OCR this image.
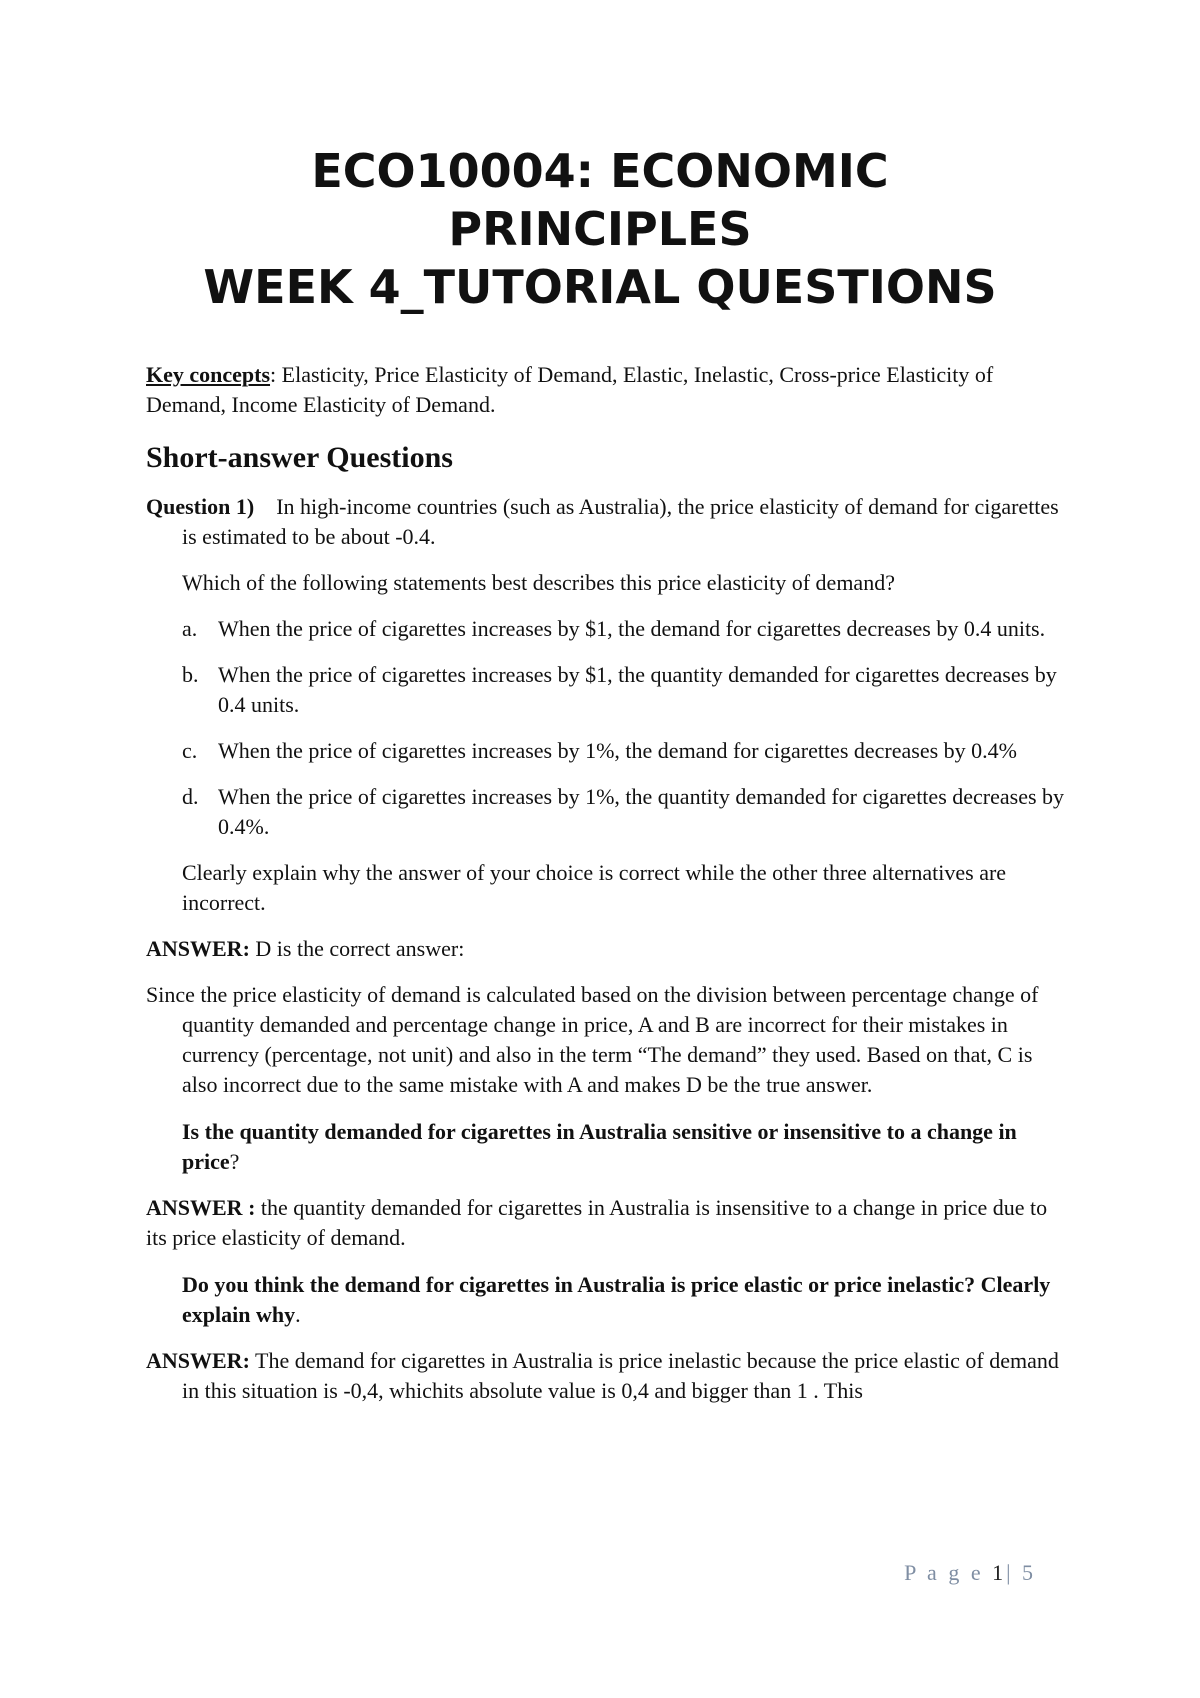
ECO10004: ECONOMIC
PRINCIPLES
WEEK 4_TUTORIAL QUESTIONS

Key concepts: Elasticity, Price Elasticity of Demand, Elastic, Inelastic, Cross-price Elasticity of Demand, Income Elasticity of Demand.

Short-answer Questions

Question 1) In high-income countries (such as Australia), the price elasticity of demand for cigarettes is estimated to be about -0.4.

Which of the following statements best describes this price elasticity of demand?

a. When the price of cigarettes increases by $1, the demand for cigarettes decreases by 0.4 units.
b. When the price of cigarettes increases by $1, the quantity demanded for cigarettes decreases by 0.4 units.
c. When the price of cigarettes increases by 1%, the demand for cigarettes decreases by 0.4%
d. When the price of cigarettes increases by 1%, the quantity demanded for cigarettes decreases by 0.4%.

Clearly explain why the answer of your choice is correct while the other three alternatives are incorrect.

ANSWER: D is the correct answer:

Since the price elasticity of demand is calculated based on the division between percentage change of quantity demanded and percentage change in price, A and B are incorrect for their mistakes in currency (percentage, not unit) and also in the term “The demand” they used. Based on that, C is also incorrect due to the same mistake with A and makes D be the true answer.

Is the quantity demanded for cigarettes in Australia sensitive or insensitive to a change in price?

ANSWER : the quantity demanded for cigarettes in Australia is insensitive to a change in price due to its price elasticity of demand.

Do you think the demand for cigarettes in Australia is price elastic or price inelastic? Clearly explain why.

ANSWER: The demand for cigarettes in Australia is price inelastic because the price elastic of demand in this situation is -0,4, whichits absolute value is 0,4 and bigger than 1 . This

P a g e 1| 5
